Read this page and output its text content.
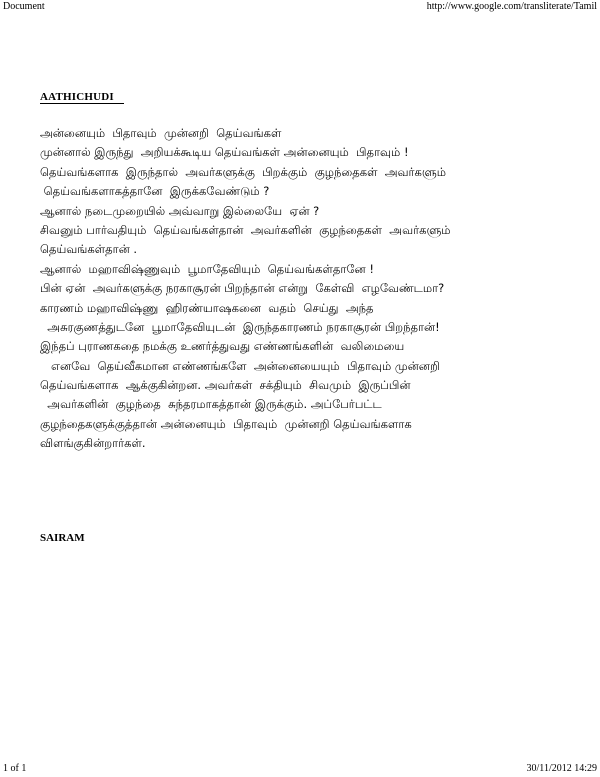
Document	http://www.google.com/transliterate/Tamil
AATHICHUDI
அன்னையும்  பிதாவும்  முன்னறி  தெய்வங்கள்
முன்னால் இருந்து  அறியக்கூடிய தெய்வங்கள் அன்னையும்  பிதாவும் !
தெய்வங்களாக  இருந்தால்  அவர்களுக்கு  பிறக்கும்  குழந்தைகள்  அவர்களும்
தெய்வங்களாகத்தானே  இருக்கவேண்டும் ?
ஆனால் நடைமுறையில் அவ்வாறு இல்லையே  ஏன் ?
சிவனும் பார்வதியும்  தெய்வங்கள்தான்  அவர்களின்  குழந்தைகள்  அவர்களும்
தெய்வங்கள்தான் .
ஆனால்  மஹாவிஷ்ணுவும்  பூமாதேவியும்  தெய்வங்கள்தானே !
பின் ஏன்  அவர்களுக்கு நரகாசூரன் பிறந்தான் என்று  கேள்வி  எழவேண்டமா?
காரணம் மஹாவிஷ்ணு  ஹிரண்யாஷகனை  வதம்  செய்து  அந்த
அசுரகுணத்துடனே  பூமாதேவியுடன்  இருந்தகாரணம் நரகாசூரன் பிறந்தான்!
இந்தப் புராணகதை நமக்கு உணர்த்துவது எண்ணங்களின்  வலிமையை
எனவே  தெய்வீகமான எண்ணங்களே  அன்னையையும்  பிதாவும் முன்னறி
தெய்வங்களாக  ஆக்குகின்றன. அவர்கள்  சக்தியும்  சிவமும்  இருப்பின்
அவர்களின்  குழந்தை  சுந்தரமாகத்தான் இருக்கும். அப்பேர்பட்ட
குழந்தைகளுக்குத்தான் அன்னையும்  பிதாவும்  முன்னறி தெய்வங்களாக
விளங்குகின்றார்கள்.
SAIRAM
1 of 1	30/11/2012 14:29
